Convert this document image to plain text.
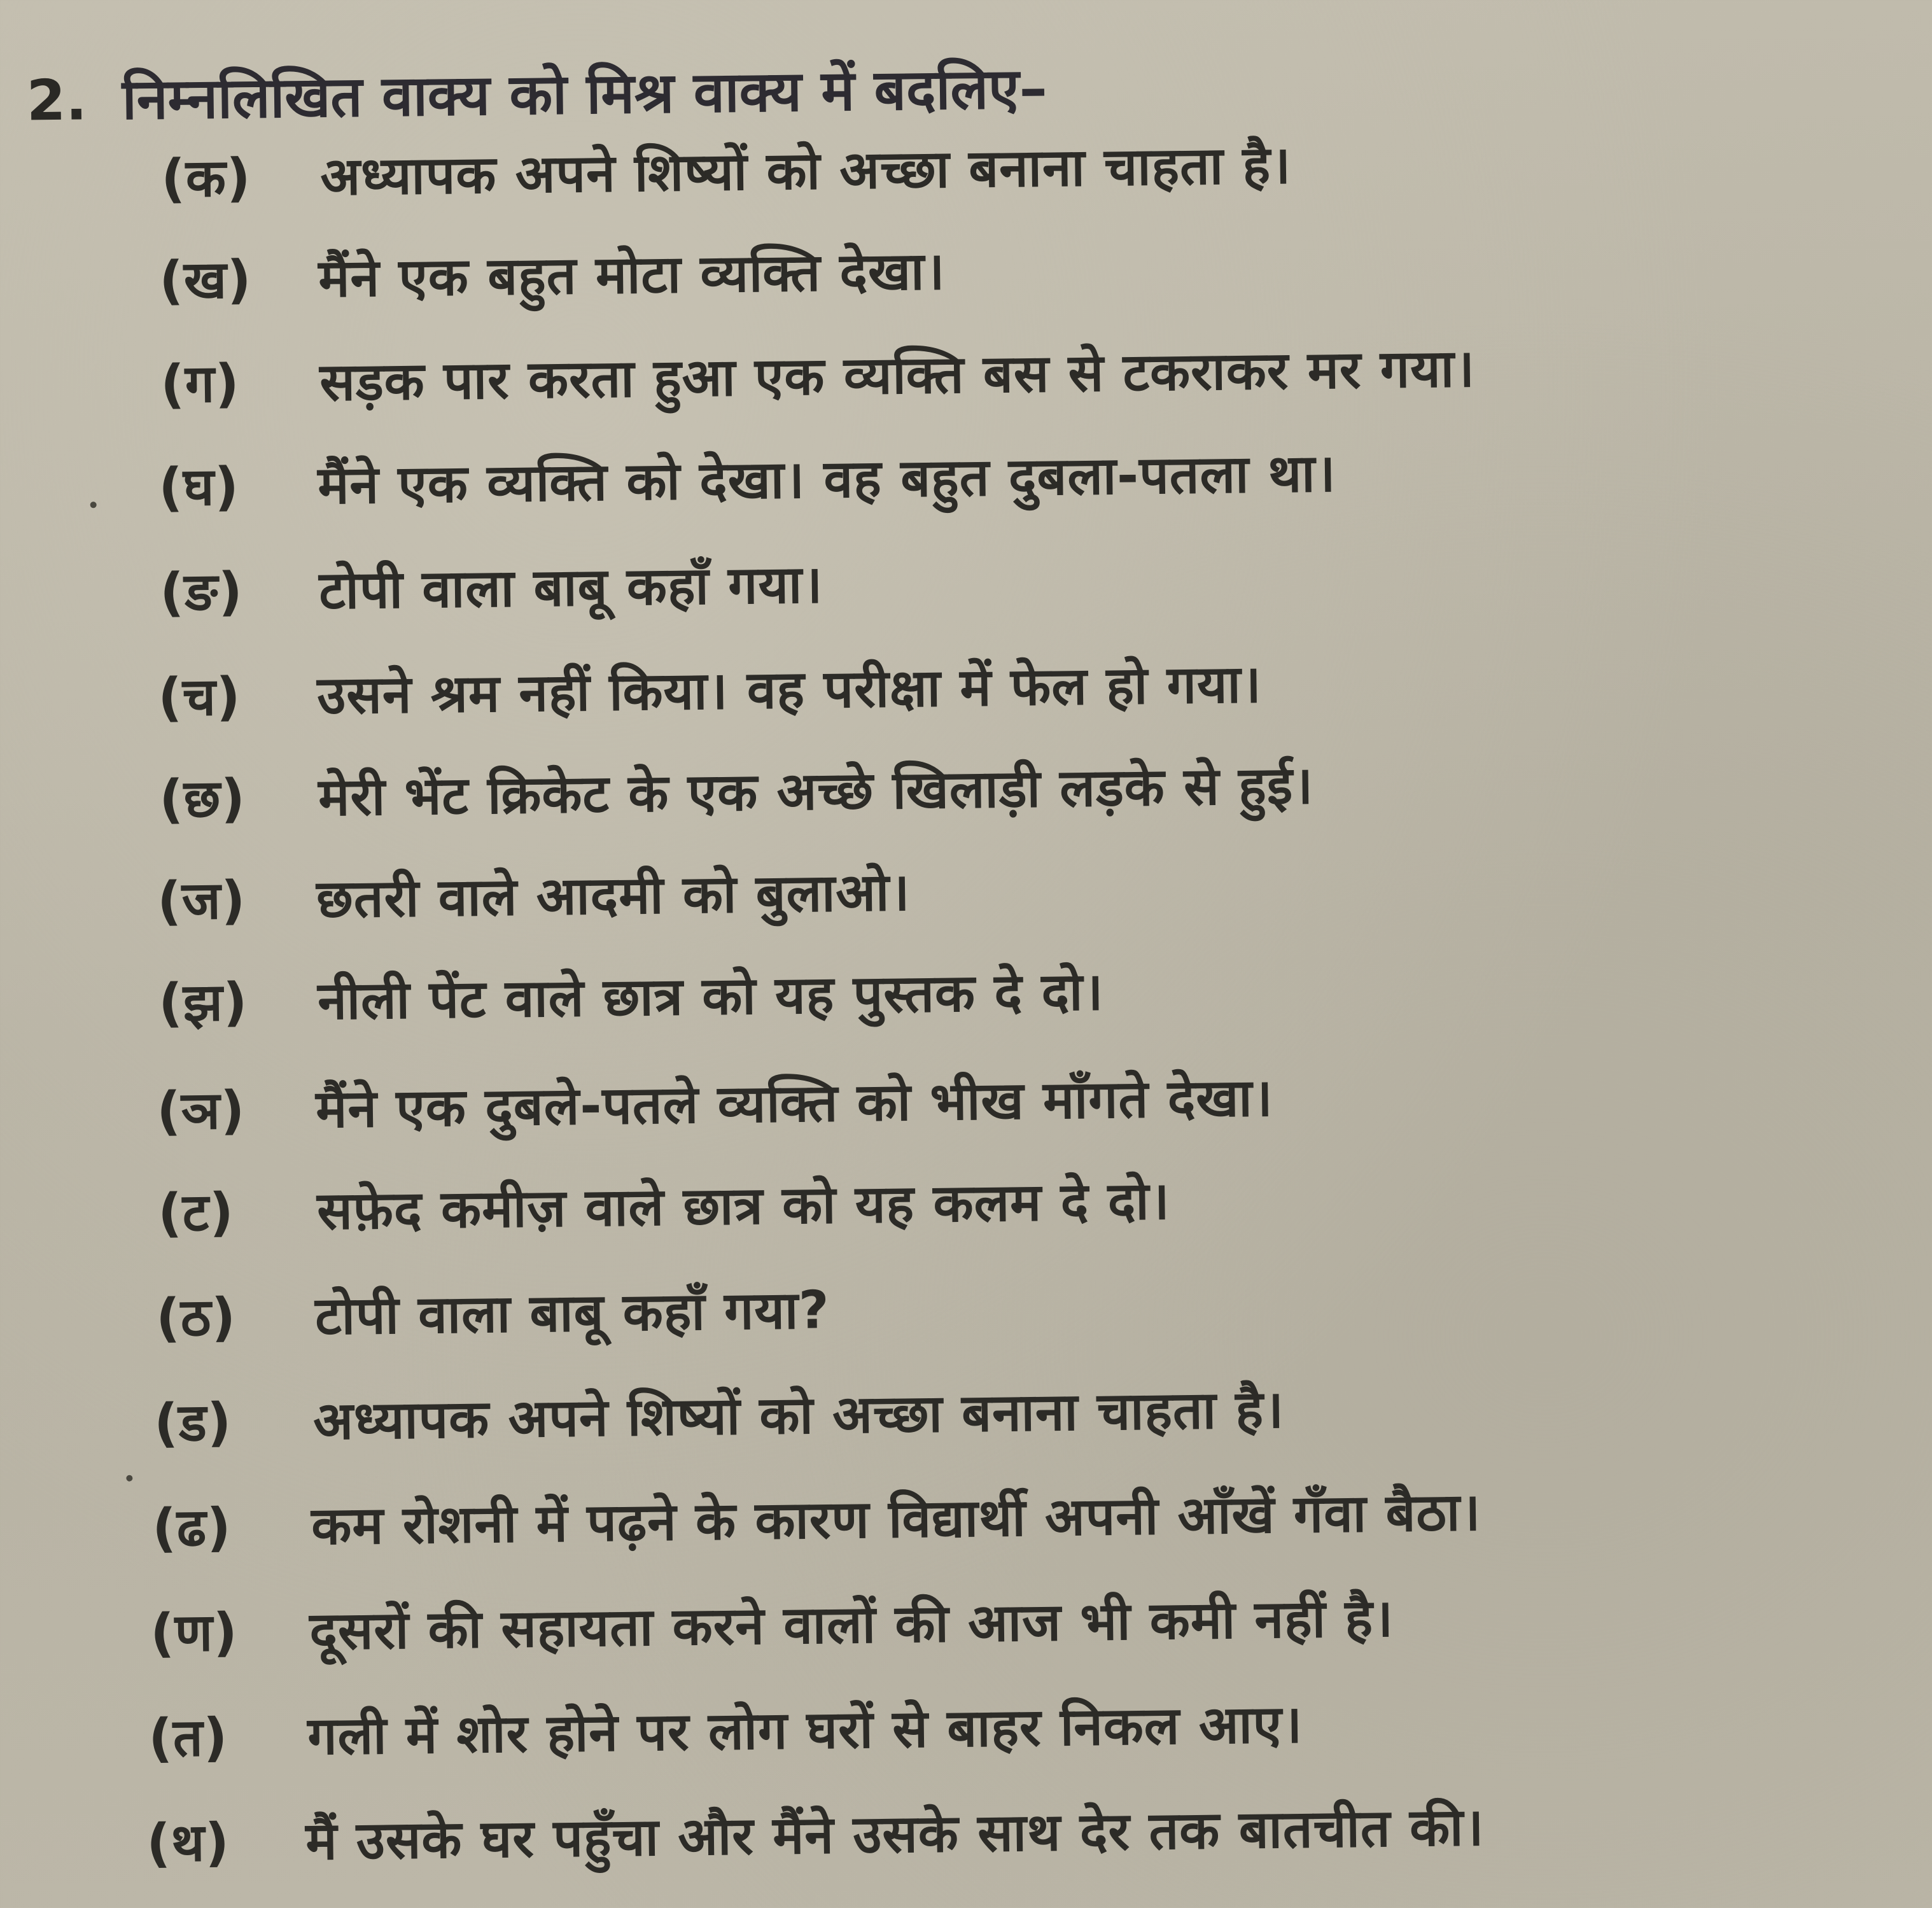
2. निम्नलिखित वाक्य को मिश्र वाक्य में बदलिए–
(क) अध्यापक अपने शिष्यों को अच्छा बनाना चाहता है।
(ख) मैंने एक बहुत मोटा व्यक्ति देखा।
(ग) सड़क पार करता हुआ एक व्यक्ति बस से टकराकर मर गया।
(घ) मैंने एक व्यक्ति को देखा। वह बहुत दुबला-पतला था।
(ङ) टोपी वाला बाबू कहाँ गया।
(च) उसने श्रम नहीं किया। वह परीक्षा में फेल हो गया।
(छ) मेरी भेंट क्रिकेट के एक अच्छे खिलाड़ी लड़के से हुई।
(ज) छतरी वाले आदमी को बुलाओ।
(झ) नीली पेंट वाले छात्र को यह पुस्तक दे दो।
(ञ) मैंने एक दुबले-पतले व्यक्ति को भीख माँगते देखा।
(ट) सफ़ेद कमीज़ वाले छात्र को यह कलम दे दो।
(ठ) टोपी वाला बाबू कहाँ गया?
(ड) अध्यापक अपने शिष्यों को अच्छा बनाना चाहता है।
(ढ) कम रोशनी में पढ़ने के कारण विद्यार्थी अपनी आँखें गँवा बैठा।
(ण) दूसरों की सहायता करने वालों की आज भी कमी नहीं है।
(त) गली में शोर होने पर लोग घरों से बाहर निकल आए।
(थ) मैं उसके घर पहुँचा और मैंने उसके साथ देर तक बातचीत की।
